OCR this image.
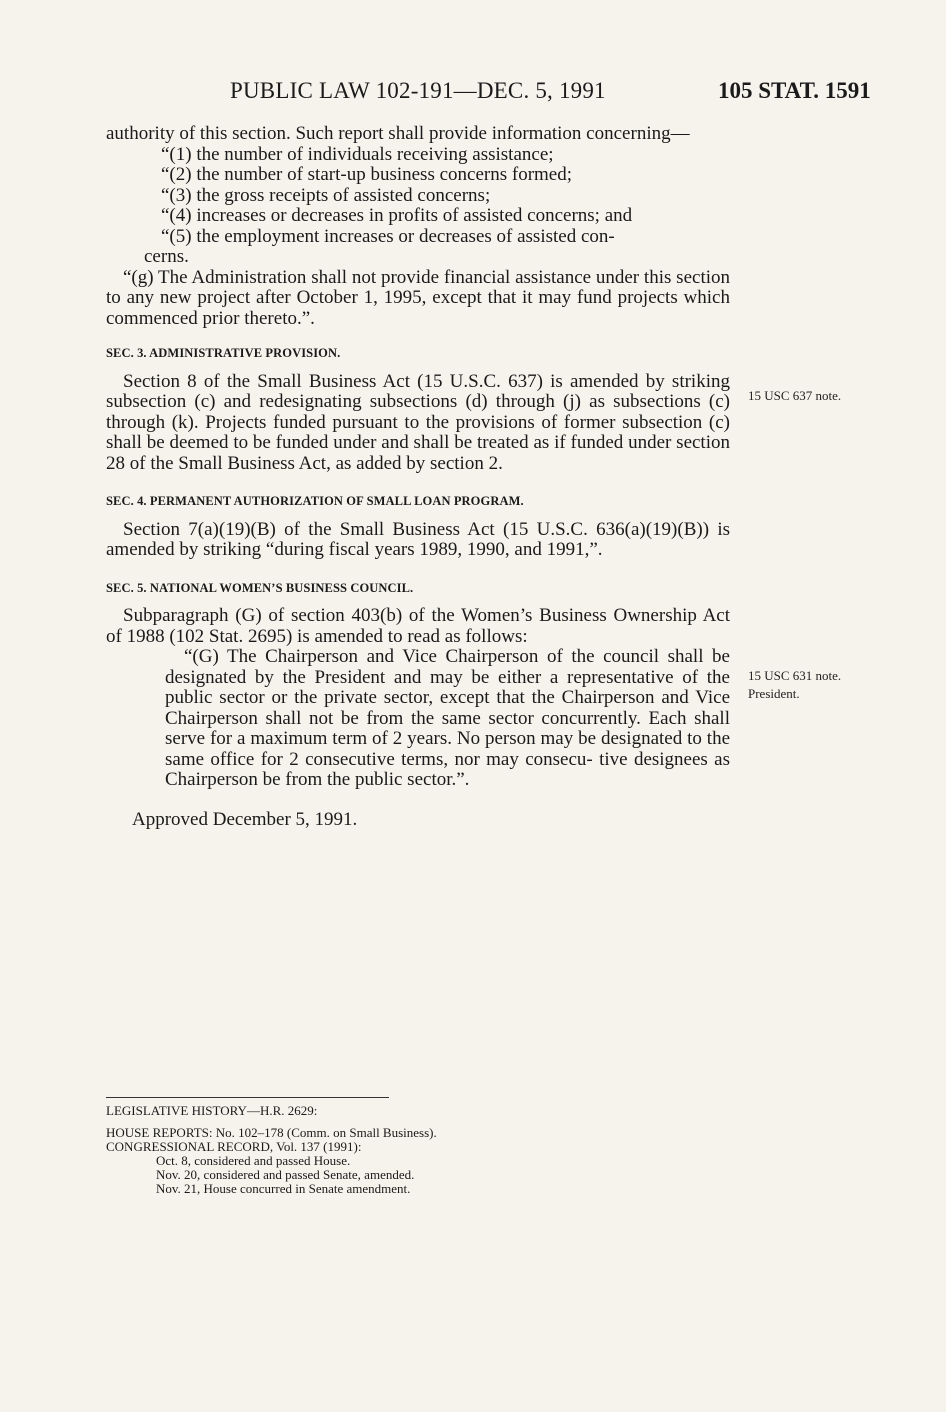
PUBLIC LAW 102-191—DEC. 5, 1991	105 STAT. 1591

authority of this section. Such report shall provide information concerning—

“(1) the number of individuals receiving assistance;

“(2) the number of start-up business concerns formed;

“(3) the gross receipts of assisted concerns;

“(4) increases or decreases in profits of assisted concerns; and

“(5) the employment increases or decreases of assisted con-

cerns.

“(g) The Administration shall not provide financial assistance under this section to any new project after October 1, 1995, except that it may fund projects which commenced prior thereto.”.

SEC. 3. ADMINISTRATIVE PROVISION.

Section 8 of the Small Business Act (15 U.S.C. 637) is amended by striking subsection (c) and redesignating subsections (d) through (j) as subsections (c) through (k). Projects funded pursuant to the provisions of former subsection (c) shall be deemed to be funded under and shall be treated as if funded under section 28 of the Small Business Act, as added by section 2.

SEC. 4. PERMANENT AUTHORIZATION OF SMALL LOAN PROGRAM.

Section 7(a)(19)(B) of the Small Business Act (15 U.S.C. 636(a)(19)(B)) is amended by striking “during fiscal years 1989, 1990, and 1991,”.

SEC. 5. NATIONAL WOMEN’S BUSINESS COUNCIL.

Subparagraph (G) of section 403(b) of the Women’s Business Ownership Act of 1988 (102 Stat. 2695) is amended to read as follows:

“(G) The Chairperson and Vice Chairperson of the council shall be designated by the President and may be either a representative of the public sector or the private sector, except that the Chairperson and Vice Chairperson shall not be from the same sector concurrently. Each shall serve for a maximum term of 2 years. No person may be designated to the same office for 2 consecutive terms, nor may consecu- tive designees as Chairperson be from the public sector.”.

Approved December 5, 1991.

15 USC 637 note.
15 USC 631 note.
President.

LEGISLATIVE HISTORY—H.R. 2629:

HOUSE REPORTS: No. 102–178 (Comm. on Small Business).

CONGRESSIONAL RECORD, Vol. 137 (1991):

Oct. 8, considered and passed House.

Nov. 20, considered and passed Senate, amended.

Nov. 21, House concurred in Senate amendment.
